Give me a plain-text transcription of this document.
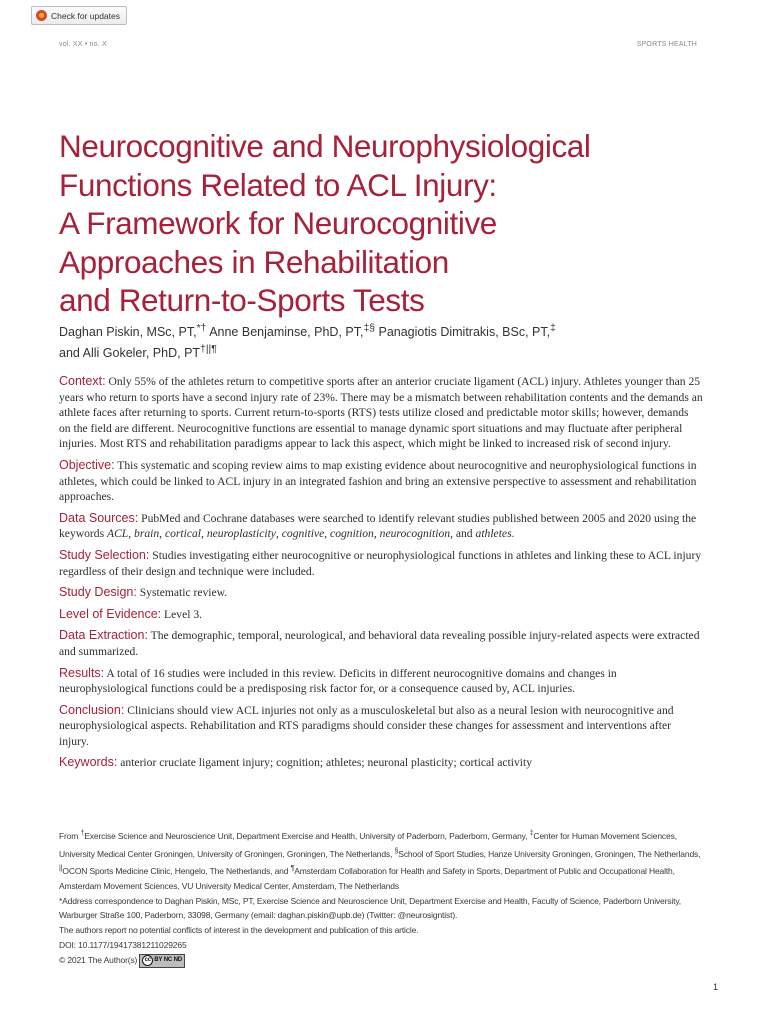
Check for updates
vol. XX • no. X	SPORTS HEALTH
Neurocognitive and Neurophysiological
Functions Related to ACL Injury:
A Framework for Neurocognitive
Approaches in Rehabilitation
and Return-to-Sports Tests
Daghan Piskin, MSc, PT,*† Anne Benjaminse, PhD, PT,‡§ Panagiotis Dimitrakis, BSc, PT,‡
and Alli Gokeler, PhD, PT†||¶

Context: Only 55% of the athletes return to competitive sports after an anterior cruciate ligament (ACL) injury. Athletes younger than 25 years who return to sports have a second injury rate of 23%. There may be a mismatch between rehabilitation contents and the demands an athlete faces after returning to sports. Current return-to-sports (RTS) tests utilize closed and predictable motor skills; however, demands on the field are different. Neurocognitive functions are essential to manage dynamic sport situations and may fluctuate after peripheral injuries. Most RTS and rehabilitation paradigms appear to lack this aspect, which might be linked to increased risk of second injury.

Objective: This systematic and scoping review aims to map existing evidence about neurocognitive and neurophysiological functions in athletes, which could be linked to ACL injury in an integrated fashion and bring an extensive perspective to assessment and rehabilitation approaches.

Data Sources: PubMed and Cochrane databases were searched to identify relevant studies published between 2005 and 2020 using the keywords ACL, brain, cortical, neuroplasticity, cognitive, cognition, neurocognition, and athletes.

Study Selection: Studies investigating either neurocognitive or neurophysiological functions in athletes and linking these to ACL injury regardless of their design and technique were included.

Study Design: Systematic review.

Level of Evidence: Level 3.

Data Extraction: The demographic, temporal, neurological, and behavioral data revealing possible injury-related aspects were extracted and summarized.

Results: A total of 16 studies were included in this review. Deficits in different neurocognitive domains and changes in neurophysiological functions could be a predisposing risk factor for, or a consequence caused by, ACL injuries.

Conclusion: Clinicians should view ACL injuries not only as a musculoskeletal but also as a neural lesion with neurocognitive and neurophysiological aspects. Rehabilitation and RTS paradigms should consider these changes for assessment and interventions after injury.

Keywords: anterior cruciate ligament injury; cognition; athletes; neuronal plasticity; cortical activity

From †Exercise Science and Neuroscience Unit, Department Exercise and Health, University of Paderborn, Paderborn, Germany, ‡Center for Human Movement Sciences,
University Medical Center Groningen, University of Groningen, Groningen, The Netherlands, §School of Sport Studies, Hanze University Groningen, Groningen, The Netherlands,
||OCON Sports Medicine Clinic, Hengelo, The Netherlands, and ¶Amsterdam Collaboration for Health and Safety in Sports, Department of Public and Occupational Health,
Amsterdam Movement Sciences, VU University Medical Center, Amsterdam, The Netherlands
*Address correspondence to Daghan Piskin, MSc, PT, Exercise Science and Neuroscience Unit, Department Exercise and Health, Faculty of Science, Paderborn University,
Warburger Straße 100, Paderborn, 33098, Germany (email: daghan.piskin@upb.de) (Twitter: @neurosigntist).
The authors report no potential conflicts of interest in the development and publication of this article.
DOI: 10.1177/19417381211029265
© 2021 The Author(s)	cc BY NC ND
1
